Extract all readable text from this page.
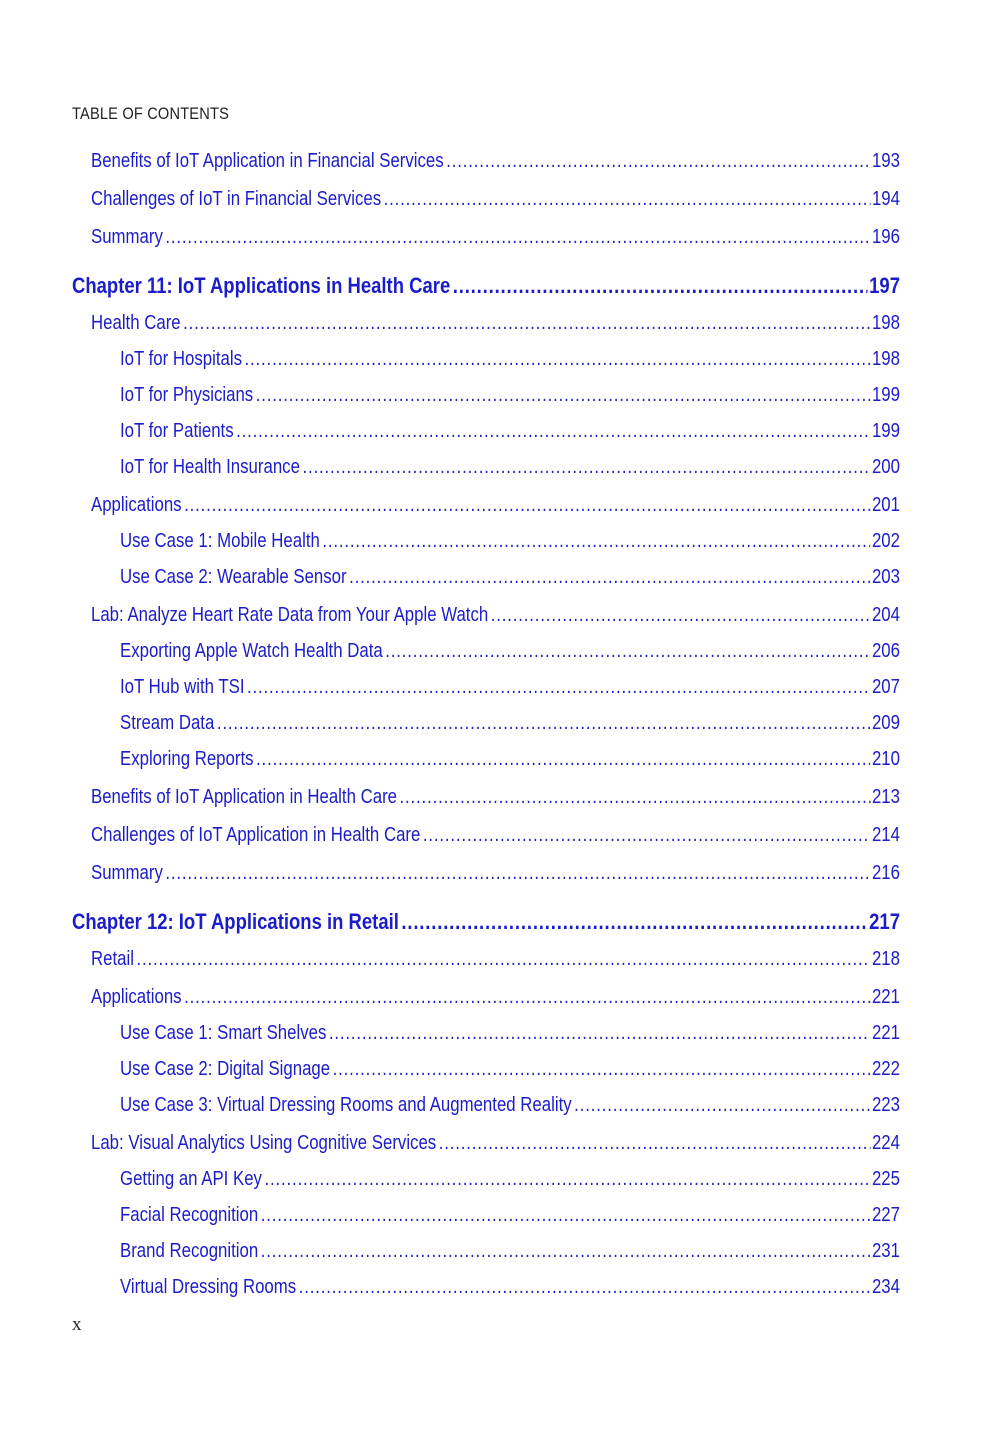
TABLE OF CONTENTS
Benefits of IoT Application in Financial Services .....	193
Challenges of IoT in Financial Services .....	194
Summary .....	196
Chapter 11: IoT Applications in Health Care .....	197
Health Care .....	198
IoT for Hospitals .....	198
IoT for Physicians .....	199
IoT for Patients .....	199
IoT for Health Insurance .....	200
Applications .....	201
Use Case 1: Mobile Health .....	202
Use Case 2: Wearable Sensor .....	203
Lab: Analyze Heart Rate Data from Your Apple Watch .....	204
Exporting Apple Watch Health Data .....	206
IoT Hub with TSI .....	207
Stream Data .....	209
Exploring Reports .....	210
Benefits of IoT Application in Health Care .....	213
Challenges of IoT Application in Health Care .....	214
Summary .....	216
Chapter 12: IoT Applications in Retail .....	217
Retail .....	218
Applications .....	221
Use Case 1: Smart Shelves .....	221
Use Case 2: Digital Signage .....	222
Use Case 3: Virtual Dressing Rooms and Augmented Reality .....	223
Lab: Visual Analytics Using Cognitive Services .....	224
Getting an API Key .....	225
Facial Recognition .....	227
Brand Recognition .....	231
Virtual Dressing Rooms .....	234
x
